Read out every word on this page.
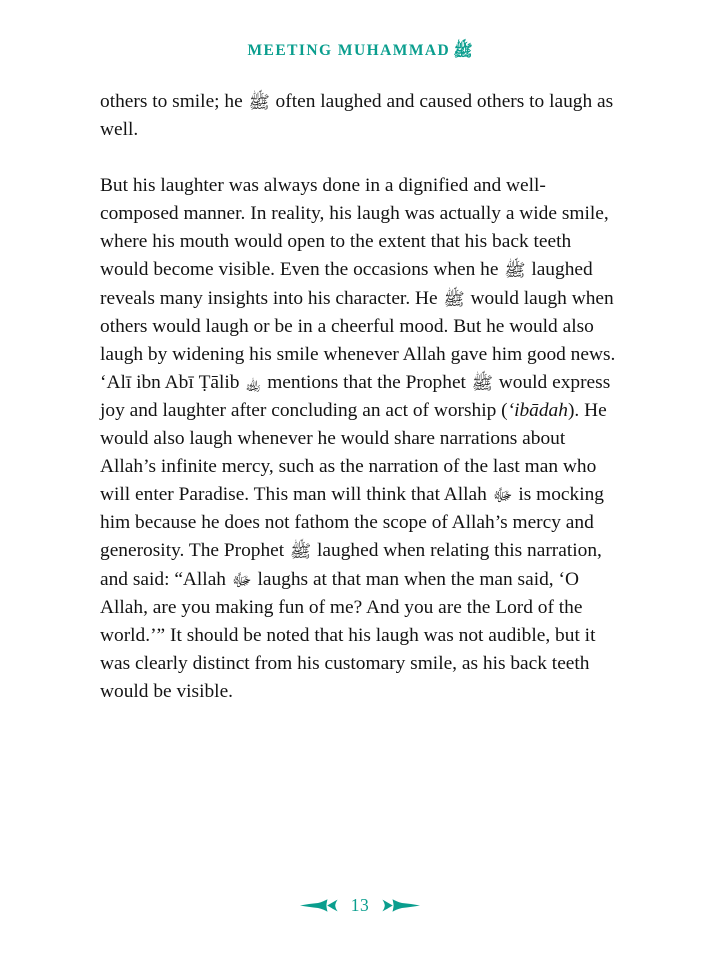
MEETING MUHAMMAD ﷺ

others to smile; he ﷺ often laughed and caused others to laugh as well.

But his laughter was always done in a dignified and well-composed manner. In reality, his laugh was actually a wide smile, where his mouth would open to the extent that his back teeth would become visible. Even the occasions when he ﷺ laughed reveals many insights into his character. He ﷺ would laugh when others would laugh or be in a cheerful mood. But he would also laugh by widening his smile whenever Allah gave him good news. ʻAlī ibn Abī Ṭālib ﵀ mentions that the Prophet ﷺ would express joy and laughter after concluding an act of worship (ʻibādah). He would also laugh whenever he would share narrations about Allah’s infinite mercy, such as the narration of the last man who will enter Paradise. This man will think that Allah ﷻ is mocking him because he does not fathom the scope of Allah’s mercy and generosity. The Prophet ﷺ laughed when relating this narration, and said: “Allah ﷻ laughs at that man when the man said, ‘O Allah, are you making fun of me? And you are the Lord of the world.’” It should be noted that his laugh was not audible, but it was clearly distinct from his customary smile, as his back teeth would be visible.

13
